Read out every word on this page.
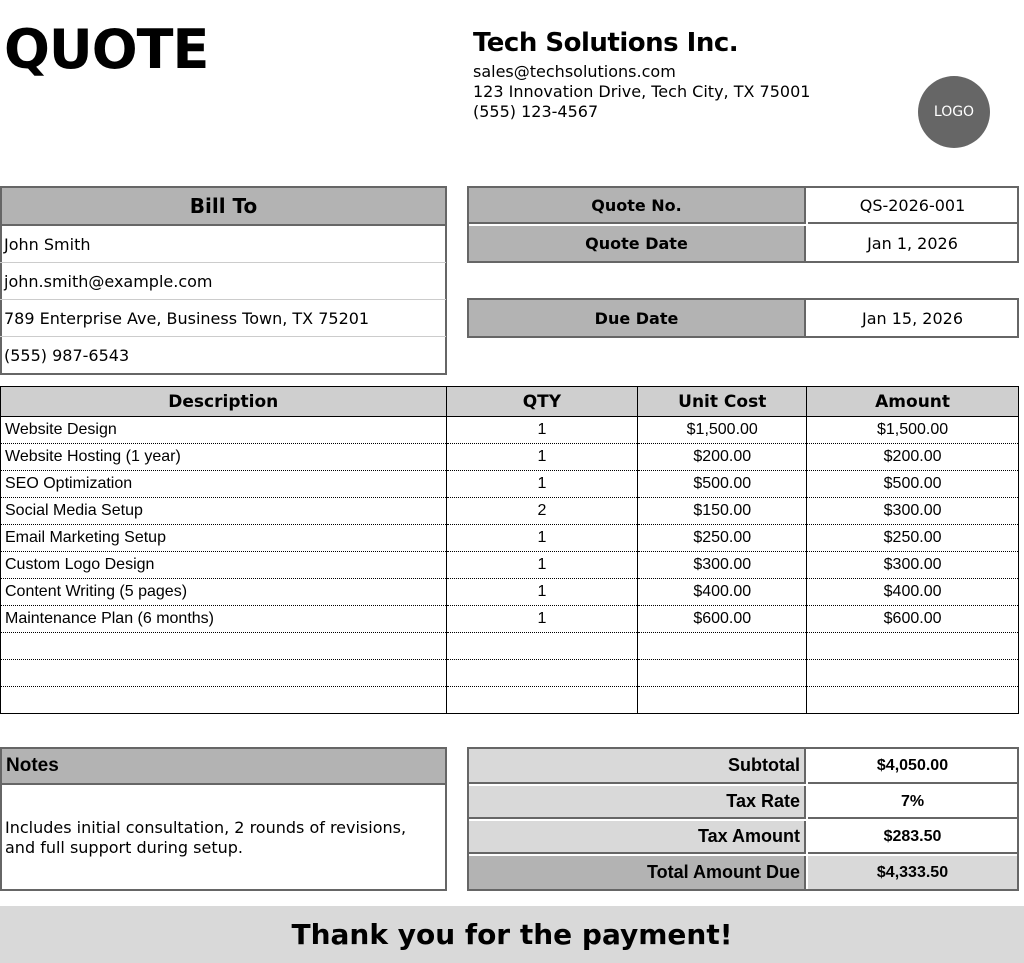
QUOTE	Tech Solutions Inc.
sales@techsolutions.com
123 Innovation Drive, Tech City, TX 75001
(555) 123-4567	LOGO
Bill To
John Smith
john.smith@example.com
789 Enterprise Ave, Business Town, TX 75201
(555) 987-6543
Quote No.	QS-2026-001
Quote Date	Jan 1, 2026
Due Date	Jan 15, 2026
Description	QTY	Unit Cost	Amount
Website Design	1	$1,500.00	$1,500.00
Website Hosting (1 year)	1	$200.00	$200.00
SEO Optimization	1	$500.00	$500.00
Social Media Setup	2	$150.00	$300.00
Email Marketing Setup	1	$250.00	$250.00
Custom Logo Design	1	$300.00	$300.00
Content Writing (5 pages)	1	$400.00	$400.00
Maintenance Plan (6 months)	1	$600.00	$600.00

Notes
Includes initial consultation, 2 rounds of revisions, and full support during setup.
Subtotal	$4,050.00
Tax Rate	7%
Tax Amount	$283.50
Total Amount Due	$4,333.50
Thank you for the payment!
